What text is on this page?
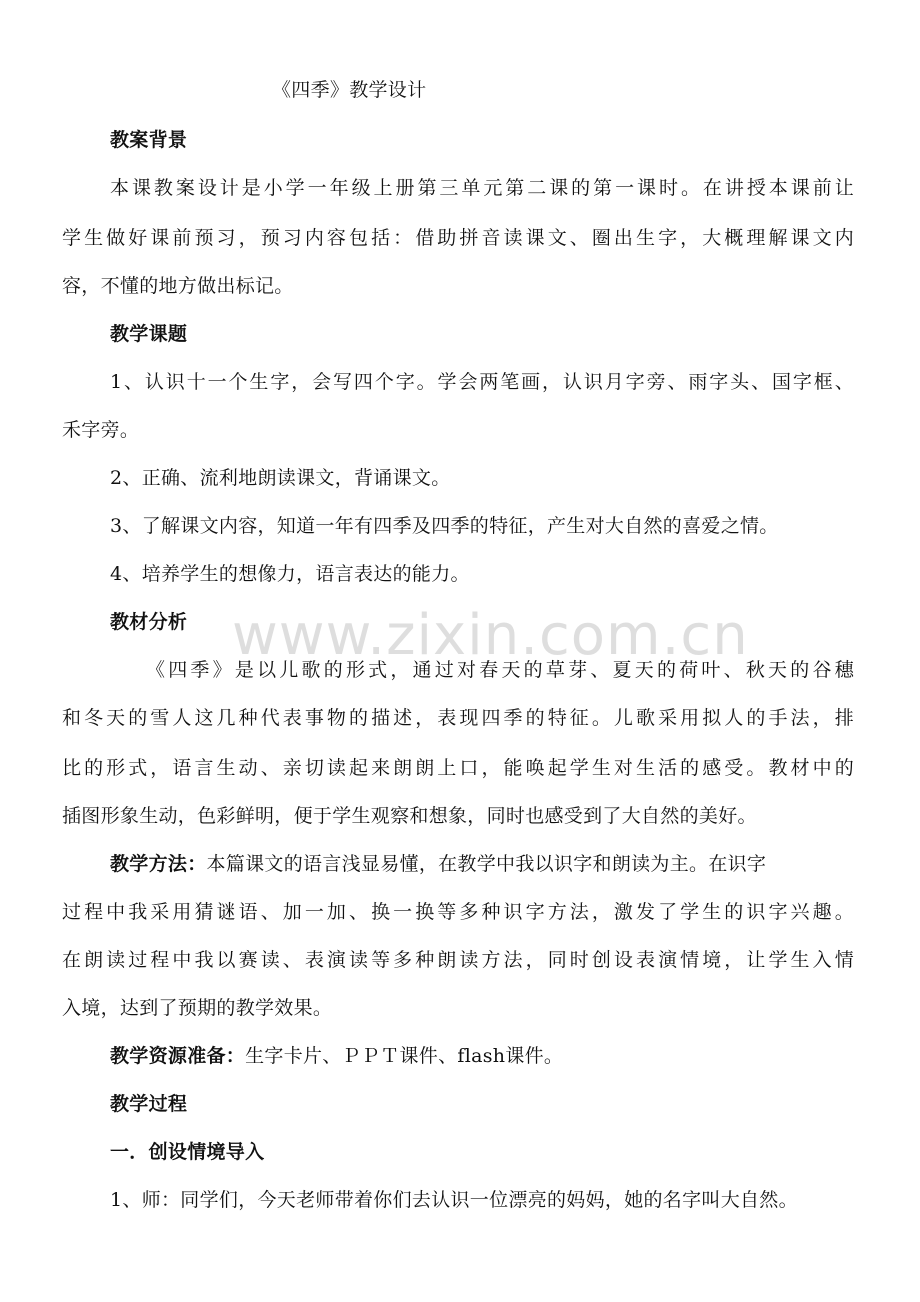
《四季》教学设计
教案背景
本课教案设计是小学一年级上册第三单元第二课的第一课时。在讲授本课前让
学生做好课前预习，预习内容包括：借助拼音读课文、圈出生字，大概理解课文内
容，不懂的地方做出标记。
教学课题
1、认识十一个生字，会写四个字。学会两笔画，认识月字旁、雨字头、国字框、
禾字旁。
2、正确、流利地朗读课文，背诵课文。
3、了解课文内容，知道一年有四季及四季的特征，产生对大自然的喜爱之情。
4、培养学生的想像力，语言表达的能力。
教材分析
《四季》是以儿歌的形式，通过对春天的草芽、夏天的荷叶、秋天的谷穗
和冬天的雪人这几种代表事物的描述，表现四季的特征。儿歌采用拟人的手法，排
比的形式，语言生动、亲切读起来朗朗上口，能唤起学生对生活的感受。教材中的
插图形象生动，色彩鲜明，便于学生观察和想象，同时也感受到了大自然的美好。
教学方法：本篇课文的语言浅显易懂，在教学中我以识字和朗读为主。在识字
过程中我采用猜谜语、加一加、换一换等多种识字方法，激发了学生的识字兴趣。
在朗读过程中我以赛读、表演读等多种朗读方法，同时创设表演情境，让学生入情
入境，达到了预期的教学效果。
教学资源准备：生字卡片、ＰＰＴ课件、flash课件。
教学过程
一．创设情境导入
1、师：同学们，今天老师带着你们去认识一位漂亮的妈妈，她的名字叫大自然。
www.zixin.com.cn
